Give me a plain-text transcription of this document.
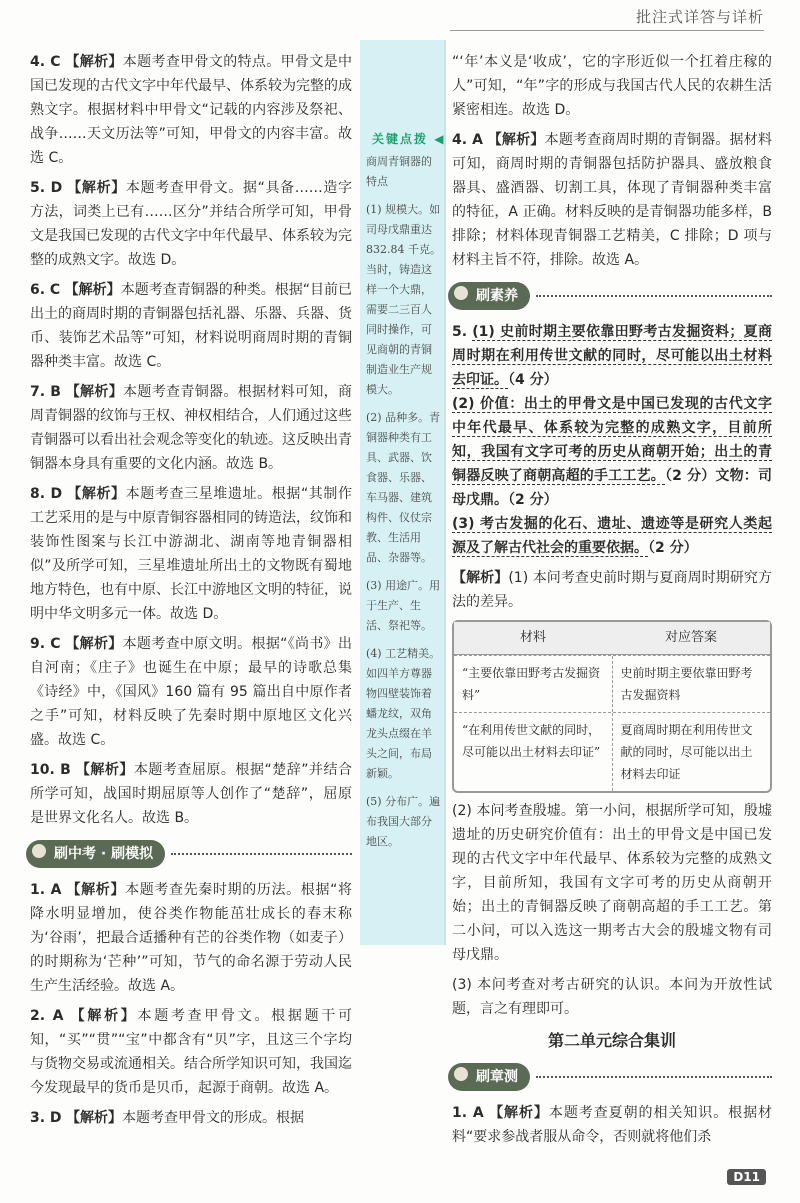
批注式详答与详析
4. C 【解析】本题考查甲骨文的特点。甲骨文是中国已发现的古代文字中年代最早、体系较为完整的成熟文字。根据材料中甲骨文“记载的内容涉及祭祀、战争……天文历法等”可知，甲骨文的内容丰富。故选 C。
5. D 【解析】本题考查甲骨文。据“具备……造字方法，词类上已有……区分”并结合所学可知，甲骨文是我国已发现的古代文字中年代最早、体系较为完整的成熟文字。故选 D。
6. C 【解析】本题考查青铜器的种类。根据“目前已出土的商周时期的青铜器包括礼器、乐器、兵器、货币、装饰艺术品等”可知，材料说明商周时期的青铜器种类丰富。故选 C。
7. B 【解析】本题考查青铜器。根据材料可知，商周青铜器的纹饰与王权、神权相结合，人们通过这些青铜器可以看出社会观念等变化的轨迹。这反映出青铜器本身具有重要的文化内涵。故选 B。
8. D 【解析】本题考查三星堆遗址。根据“其制作工艺采用的是与中原青铜容器相同的铸造法，纹饰和装饰性图案与长江中游湖北、湖南等地青铜器相似”及所学可知，三星堆遗址所出土的文物既有蜀地地方特色，也有中原、长江中游地区文明的特征，说明中华文明多元一体。故选 D。
9. C 【解析】本题考查中原文明。根据“《尚书》出自河南；《庄子》也诞生在中原；最早的诗歌总集《诗经》中，《国风》160 篇有 95 篇出自中原作者之手”可知，材料反映了先秦时期中原地区文化兴盛。故选 C。
10. B 【解析】本题考查屈原。根据“楚辞”并结合所学可知，战国时期屈原等人创作了“楚辞”，屈原是世界文化名人。故选 B。
刷中考 · 刷模拟
1. A 【解析】本题考查先秦时期的历法。根据“将降水明显增加，使谷类作物能茁壮成长的春末称为‘谷雨’，把最合适播种有芒的谷类作物（如麦子）的时期称为‘芒种’”可知，节气的命名源于劳动人民生产生活经验。故选 A。
2. A 【解析】本题考查甲骨文。根据题干可知，“买”“贯”“宝”中都含有“贝”字，且这三个字均与货物交易或流通相关。结合所学知识可知，我国迄今发现最早的货币是贝币，起源于商朝。故选 A。
3. D 【解析】本题考查甲骨文的形成。根据
关键点拨 ◀

商周青铜器的特点

(1) 规模大。如司母戊鼎重达 832.84 千克。当时，铸造这样一个大鼎，需要二三百人同时操作，可见商朝的青铜制造业生产规模大。

(2) 品种多。青铜器种类有工具、武器、饮食器、乐器、车马器、建筑构件、仪仗宗教、生活用品、杂器等。

(3) 用途广。用于生产、生活、祭祀等。

(4) 工艺精美。如四羊方尊器物四壁装饰着蟠龙纹，双角龙头点缀在羊头之间，布局新颖。

(5) 分布广。遍布我国大部分地区。

“‘年’本义是‘收成’，它的字形近似一个扛着庄稼的人”可知，“年”字的形成与我国古代人民的农耕生活紧密相连。故选 D。
4. A 【解析】本题考查商周时期的青铜器。据材料可知，商周时期的青铜器包括防护器具、盛放粮食器具、盛酒器、切割工具，体现了青铜器种类丰富的特征，A 正确。材料反映的是青铜器功能多样，B 排除；材料体现青铜器工艺精美，C 排除；D 项与材料主旨不符，排除。故选 A。
刷素养
5. (1) 史前时期主要依靠田野考古发掘资料；夏商周时期在利用传世文献的同时，尽可能以出土材料去印证。（4 分）
(2) 价值：出土的甲骨文是中国已发现的古代文字中年代最早、体系较为完整的成熟文字，目前所知，我国有文字可考的历史从商朝开始；出土的青铜器反映了商朝高超的手工工艺。（2 分）文物：司母戊鼎。（2 分）
(3) 考古发掘的化石、遗址、遗迹等是研究人类起源及了解古代社会的重要依据。（2 分）
【解析】(1) 本问考查史前时期与夏商周时期研究方法的差异。
材料	对应答案
“主要依靠田野考古发掘资料”
史前时期主要依靠田野考古发掘资料
“在利用传世文献的同时，尽可能以出土材料去印证”
夏商周时期在利用传世文献的同时，尽可能以出土材料去印证
(2) 本问考查殷墟。第一小问，根据所学可知，殷墟遗址的历史研究价值有：出土的甲骨文是中国已发现的古代文字中年代最早、体系较为完整的成熟文字，目前所知，我国有文字可考的历史从商朝开始；出土的青铜器反映了商朝高超的手工工艺。第二小问，可以入选这一期考古大会的殷墟文物有司母戊鼎。
(3) 本问考查对考古研究的认识。本问为开放性试题，言之有理即可。
第二单元综合集训
刷章测
1. A 【解析】本题考查夏朝的相关知识。根据材料“要求参战者服从命令，否则就将他们杀
D11
